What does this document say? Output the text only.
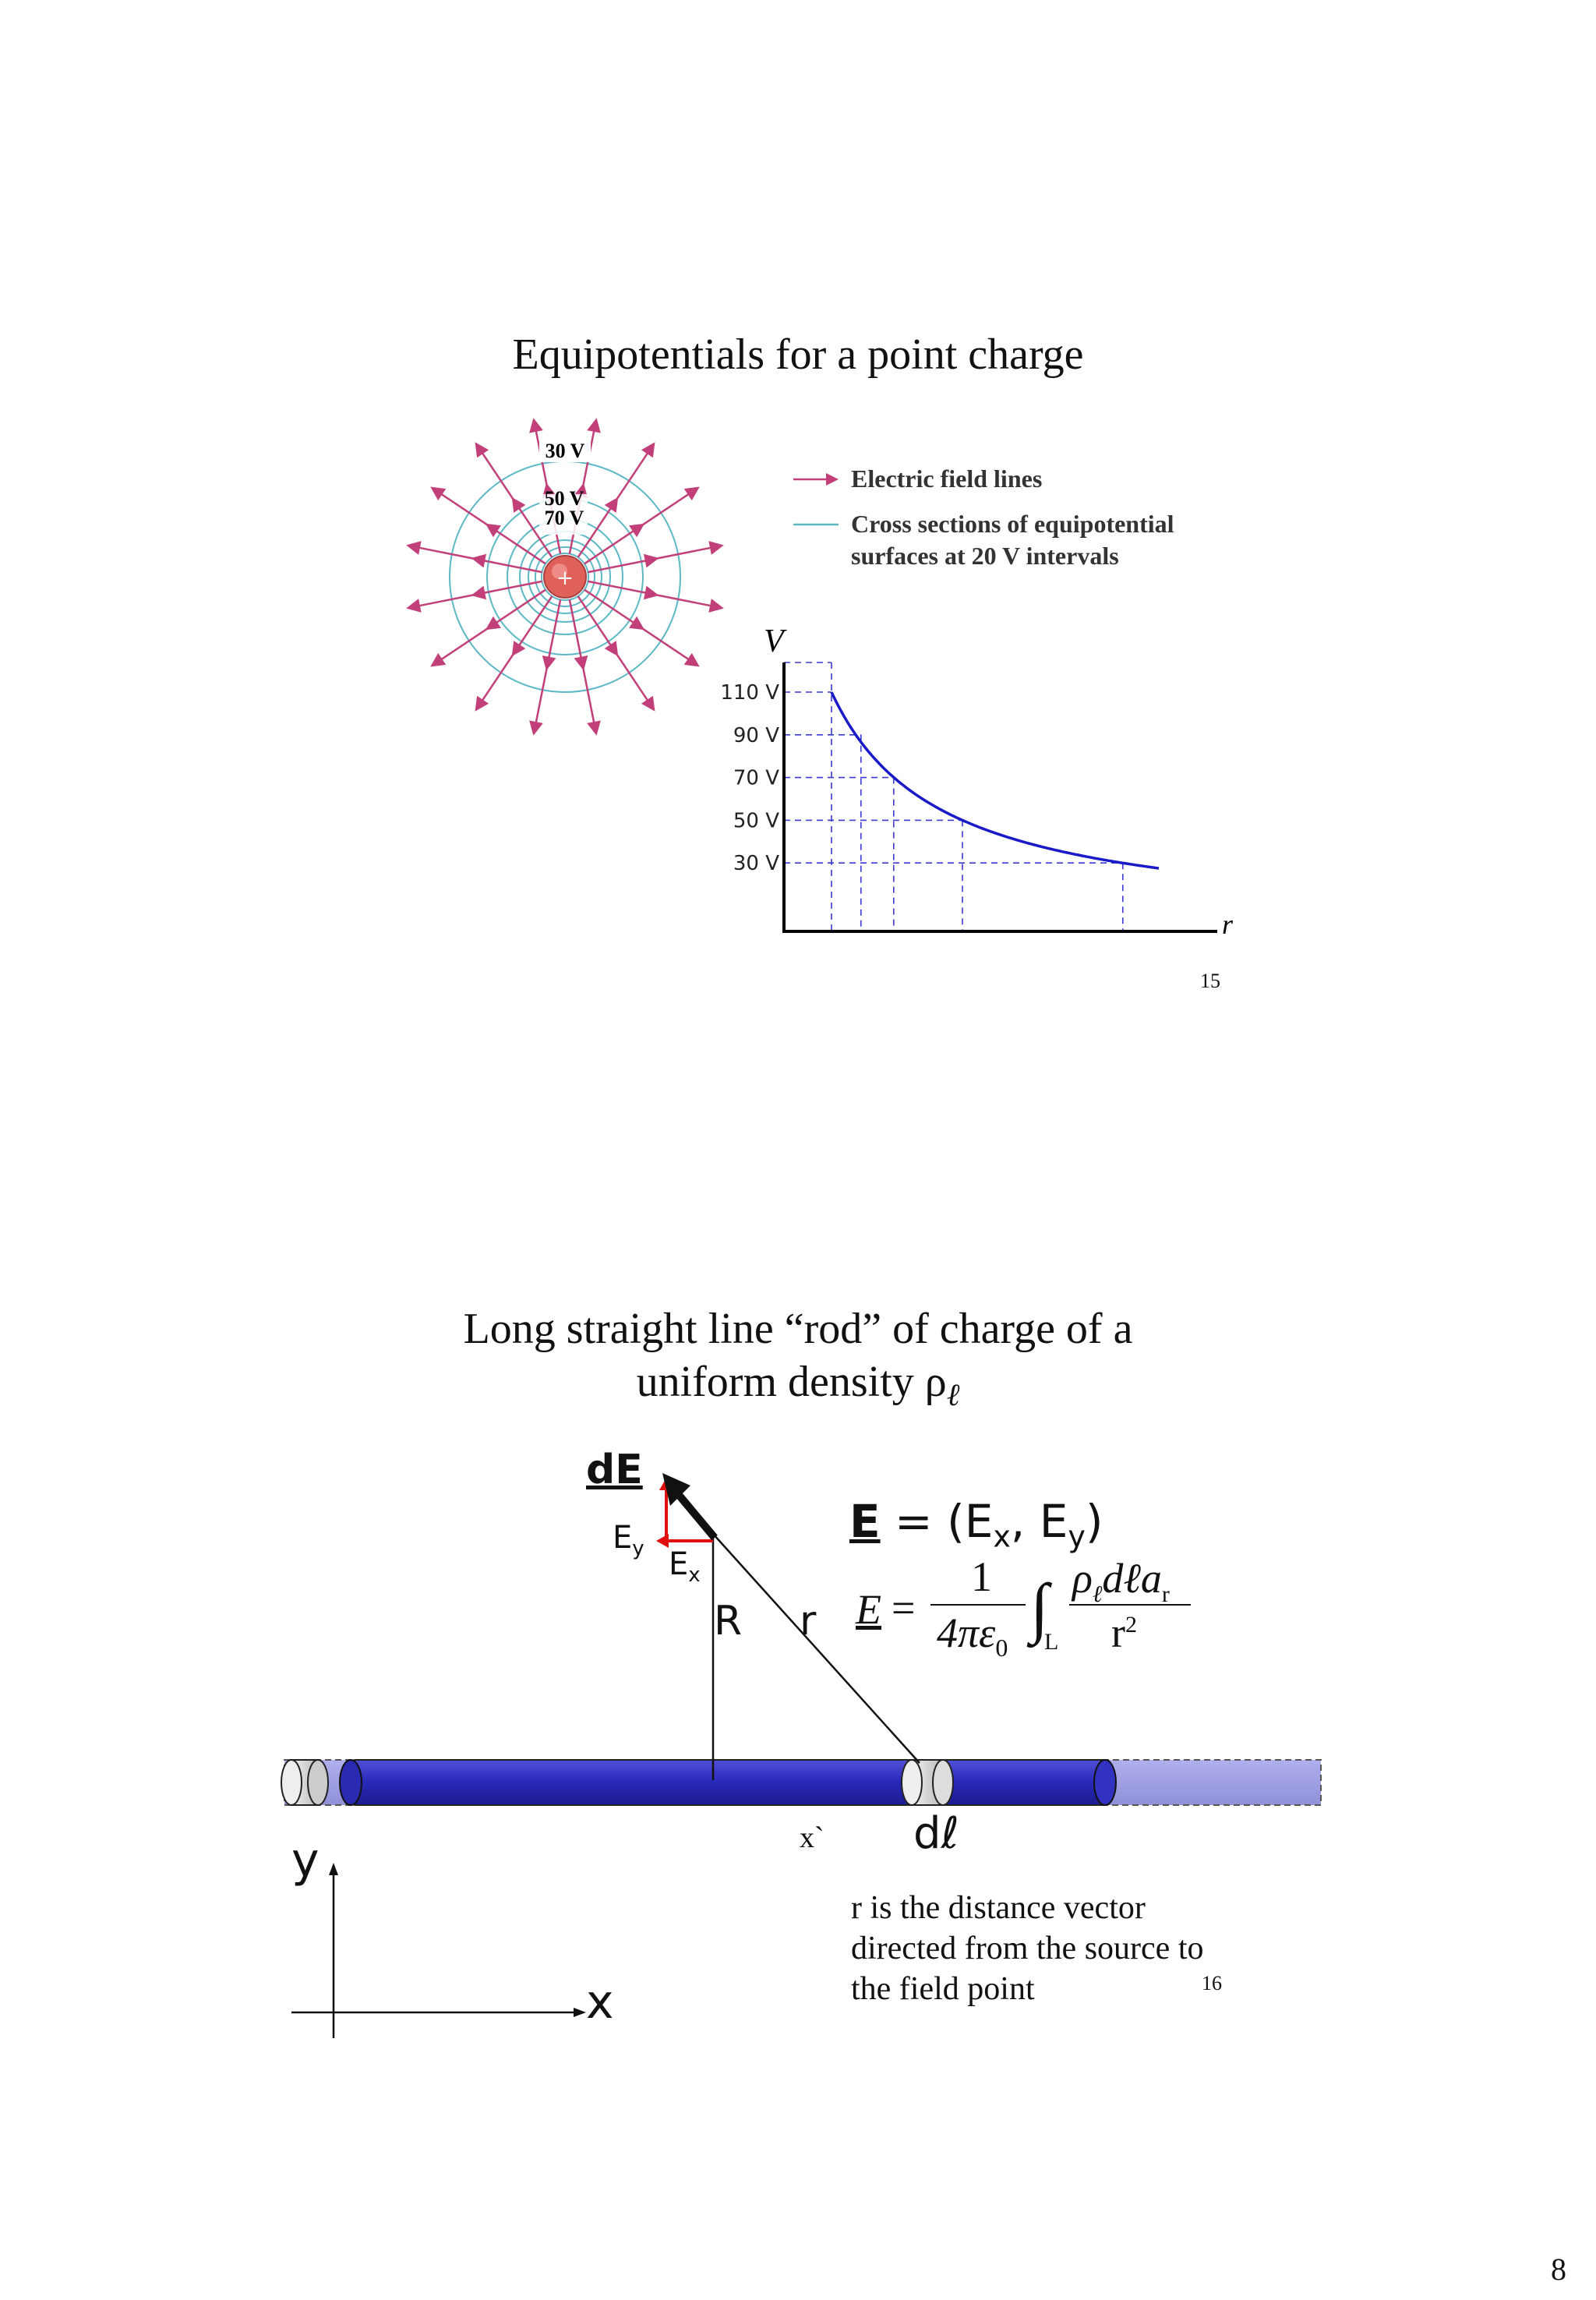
Equipotentials for a point charge
+
30 V
50 V
70 V
Electric field lines
Cross sections of equipotential
surfaces at 20 V intervals
V
110 V
90 V
70 V
50 V
30 V
r
15
Long straight line “rod” of charge of a
uniform density $\rho_\ell$
dE
$E_y$ $E_x$
R r
x` dℓ
y
x
$E = (E_x$, $E_y$)
E =
1
$4\pi\varepsilon_0$
∫
L
$\rho_\ell d\ell a_r$
$r^2$
r is the distance vector
directed from the source to
the field point	16
8
